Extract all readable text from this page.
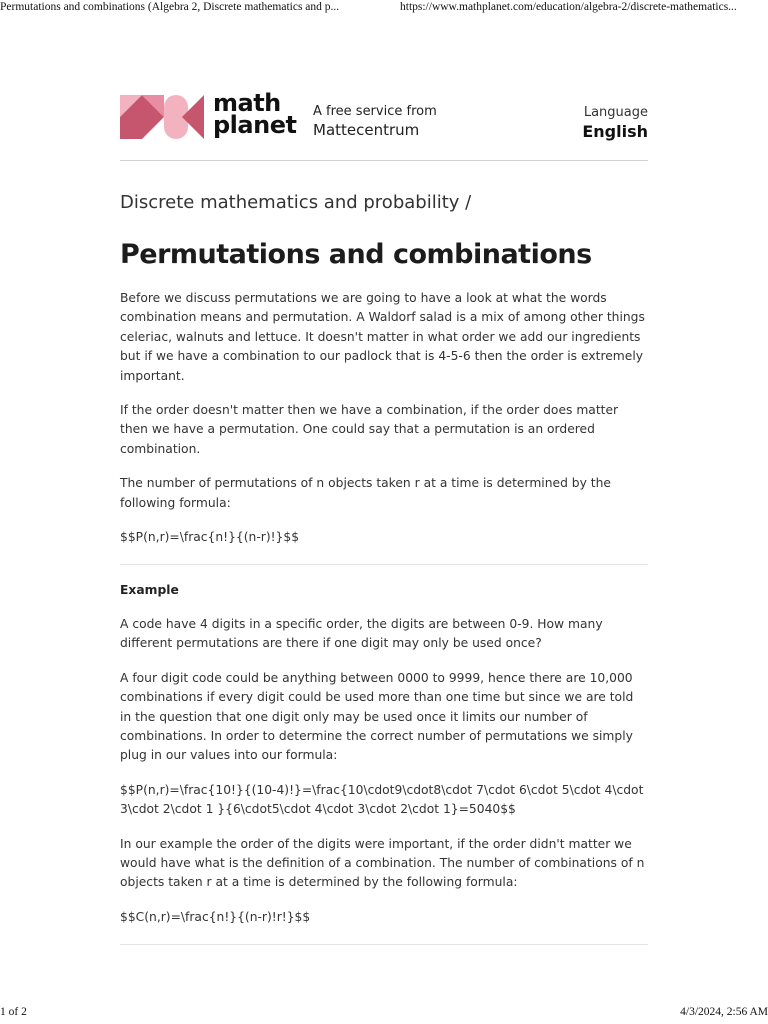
Permutations and combinations (Algebra 2, Discrete mathematics and p...	https://www.mathplanet.com/education/algebra-2/discrete-mathematics...
math
planet A free service from
Mattecentrum
Language
English
Discrete mathematics and probability /
Permutations and combinations

Before we discuss permutations we are going to have a look at what the words combination means and permutation. A Waldorf salad is a mix of among other things celeriac, walnuts and lettuce. It doesn't matter in what order we add our ingredients but if we have a combination to our padlock that is 4-5-6 then the order is extremely important.

If the order doesn't matter then we have a combination, if the order does matter then we have a permutation. One could say that a permutation is an ordered combination.

The number of permutations of n objects taken r at a time is determined by the following formula:

$$P(n,r)=\frac{n!}{(n-r)!}$$

Example

A code have 4 digits in a specific order, the digits are between 0-9. How many different permutations are there if one digit may only be used once?

A four digit code could be anything between 0000 to 9999, hence there are 10,000 combinations if every digit could be used more than one time but since we are told in the question that one digit only may be used once it limits our number of combinations. In order to determine the correct number of permutations we simply plug in our values into our formula:

$$P(n,r)=\frac{10!}{(10-4)!}=\frac{10\cdot9\cdot8\cdot 7\cdot 6\cdot 5\cdot 4\cdot 3\cdot 2\cdot 1 }{6\cdot5\cdot 4\cdot 3\cdot 2\cdot 1}=5040$$

In our example the order of the digits were important, if the order didn't matter we would have what is the definition of a combination. The number of combinations of n objects taken r at a time is determined by the following formula:

$$C(n,r)=\frac{n!}{(n-r)!r!}$$

1 of 2	4/3/2024, 2:56 AM
